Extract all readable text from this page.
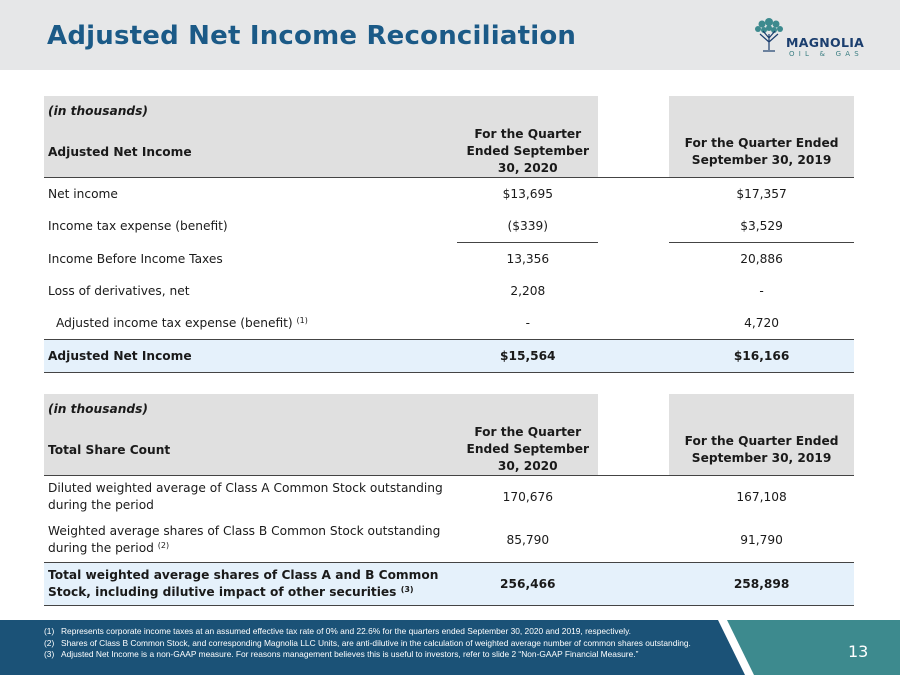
Adjusted Net Income Reconciliation	MAGNOLIA
OIL & GAS
(in thousands)			
Adjusted Net Income	For the Quarter Ended September 30, 2020		For the Quarter Ended September 30, 2019
Net income	$13,695		$17,357
Income tax expense (benefit)	($339)		$3,529
Income Before Income Taxes	13,356		20,886
Loss of derivatives, net	2,208		-
Adjusted income tax expense (benefit) $^{(1)}$	-		4,720
Adjusted Net Income	$15,564		$16,166
(in thousands)			
Total Share Count	For the Quarter Ended September 30, 2020		For the Quarter Ended September 30, 2019
Diluted weighted average of Class A Common Stock outstanding during the period	170,676		167,108
Weighted average shares of Class B Common Stock outstanding during the period $^{(2)}$	85,790		91,790
Total weighted average shares of Class A and B Common Stock, including dilutive impact of other securities $^{(3)}$	256,466		258,898
(1) Represents corporate income taxes at an assumed effective tax rate of 0% and 22.6% for the quarters ended September 30, 2020 and 2019, respectively.
(2) Shares of Class B Common Stock, and corresponding Magnolia LLC Units, are anti-dilutive in the calculation of weighted average number of common shares outstanding.
(3) Adjusted Net Income is a non-GAAP measure. For reasons management believes this is useful to investors, refer to slide 2 “Non-GAAP Financial Measure.”	13
